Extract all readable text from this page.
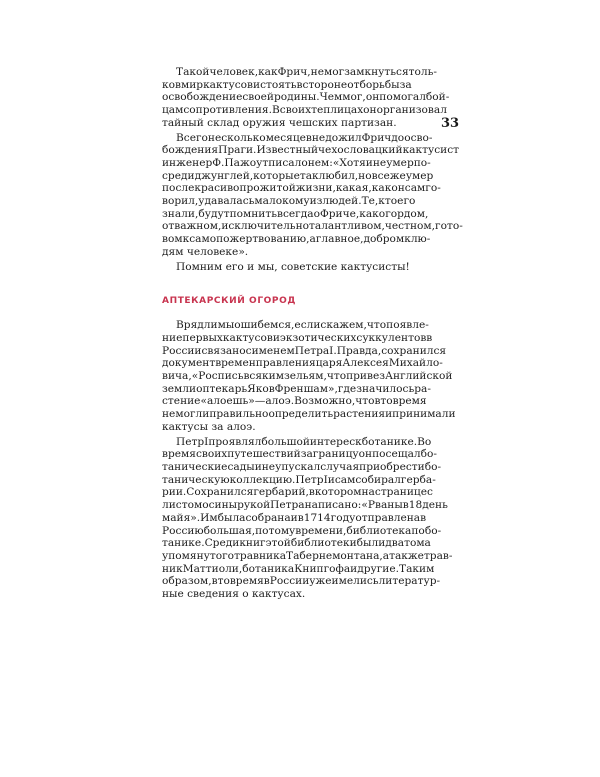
33

Такойчеловек,какФрич,немогзамкнутьсятоль-
ковмиркактусовистоятьвсторонеотборьбыза
освобождениесвоейродины.Чеммог,онпомогалбой-
цамсопротивления.Всвоихтеплицахонорганизовал
тайный склад оружия чешских партизан.

ВсегонесколькомесяцевнедожилФричдоосво-
божденияПраги.Известныйчехословацкийкактусист
инженерФ.Пажоутписалонем:«Хотяинеумерпо-
средиджунглей,которыетаклюбил,новсежеумер
послекрасивопрожитойжизни,какая,каконсамго-
ворил,удаваласьмалокомуизлюдей.Те,ктоего
знали,будутпомнитьвсегдаоФриче,какогордом,
отважном,исключительноталантливом,честном,гото-
вомксамопожертвованию,аглавное,добромклю-
дям человеке».

Помним его и мы, советские кактусисты!

АПТЕКАРСКИЙ ОГОРОД

Врядлимыошибемся,еслискажем,чтопоявле-
ниепервыхкактусовиэкзотическихсуккулентовв
РоссиисвязаносименемПетраI.Правда,сохранился
документвременправленияцаряАлексеяМихайло-
вича,«Росписьвсякимзельям,чтопривезАнглийской
землиоптекарьЯковФреншам»,гдезначилосьра-
стение«алоешь»—алоэ.Возможно,чтовтовремя
немоглиправильноопределитьрастенияипринимали
кактусы за алоэ.

ПетрIпроявлялбольшойинтерескботанике.Во
времясвоихпутешествийзаграницуонпосещалбо-
таническиесадыинеупускалслучаяприобрестибо-
таническуюколлекцию.ПетрIисамсобиралгерба-
рии.Сохранилсягербарий,вкоторомнастраницес
листомосинырукойПетранаписано:«Рваныв18день
майя».Имбыласобранаив1714годуотправленав
Россиюбольшая,потомувремени,библиотекапобо-
танике.Средикнигэтойбиблиотекибылидватома
упомянутоготравникаТабернемонтана,атакжетрав-
никМаттиоли,ботаникаКнипгофаидругие.Таким
образом,втовремявРоссииужеимелисьлитератур-
ные сведения о кактусах.
